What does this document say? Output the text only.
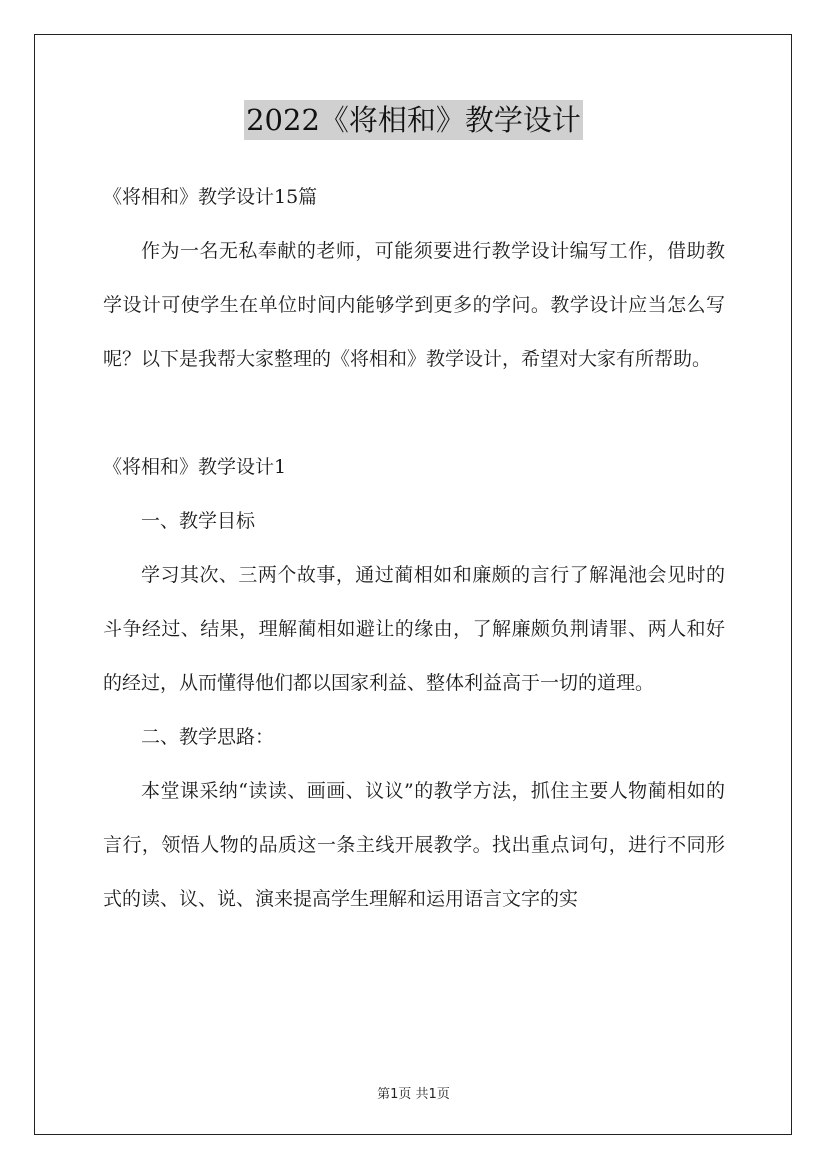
2022《将相和》教学设计

《将相和》教学设计15篇

作为一名无私奉献的老师，可能须要进行教学设计编写工作，借助教学设计可使学生在单位时间内能够学到更多的学问。教学设计应当怎么写呢？以下是我帮大家整理的《将相和》教学设计，希望对大家有所帮助。

《将相和》教学设计1

一、教学目标

学习其次、三两个故事，通过蔺相如和廉颇的言行了解渑池会见时的斗争经过、结果，理解蔺相如避让的缘由，了解廉颇负荆请罪、两人和好的经过，从而懂得他们都以国家利益、整体利益高于一切的道理。

二、教学思路：

本堂课采纳“读读、画画、议议”的教学方法，抓住主要人物蔺相如的言行，领悟人物的品质这一条主线开展教学。找出重点词句，进行不同形式的读、议、说、演来提高学生理解和运用语言文字的实

第1页 共1页
